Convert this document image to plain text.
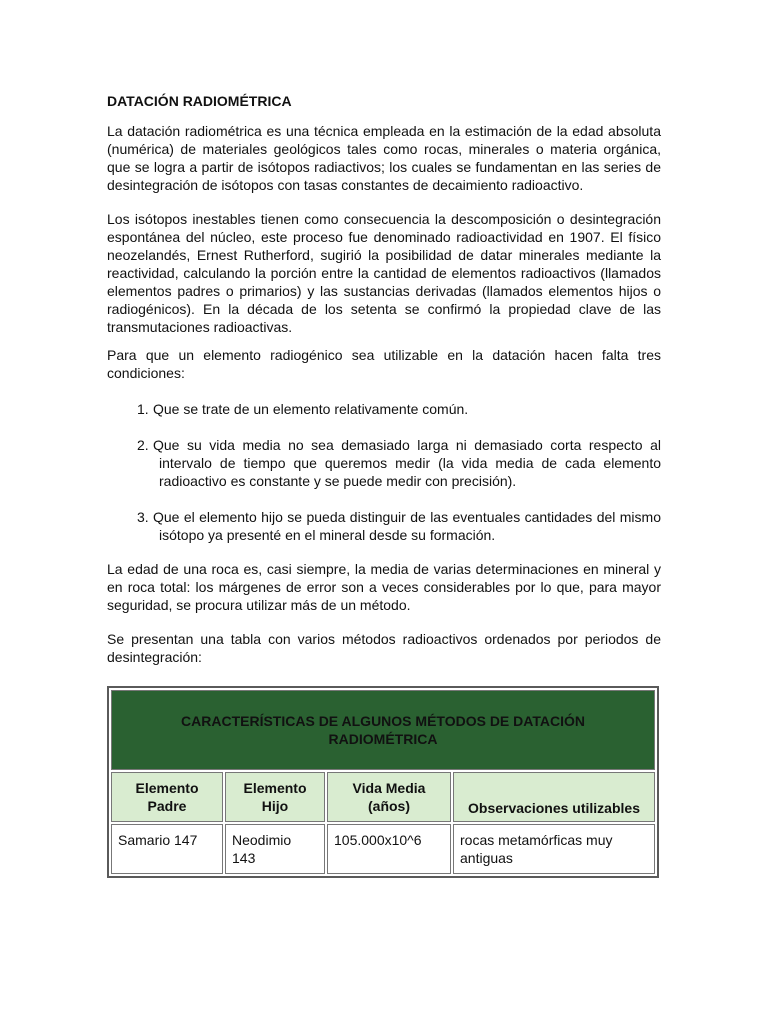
DATACIÓN RADIOMÉTRICA

La datación radiométrica es una técnica empleada en la estimación de la edad absoluta (numérica) de materiales geológicos tales como rocas, minerales o materia orgánica, que se logra a partir de isótopos radiactivos; los cuales se fundamentan en las series de desintegración de isótopos con tasas constantes de decaimiento radioactivo.

Los isótopos inestables tienen como consecuencia la descomposición o desintegración espontánea del núcleo, este proceso fue denominado radioactividad en 1907. El físico neozelandés, Ernest Rutherford, sugirió la posibilidad de datar minerales mediante la reactividad, calculando la porción entre la cantidad de elementos radioactivos (llamados elementos padres o primarios) y las sustancias derivadas (llamados elementos hijos o radiogénicos). En la década de los setenta se confirmó la propiedad clave de las transmutaciones radioactivas.

Para que un elemento radiogénico sea utilizable en la datación hacen falta tres condiciones:

1. Que se trate de un elemento relativamente común.
2. Que su vida media no sea demasiado larga ni demasiado corta respecto al intervalo de tiempo que queremos medir (la vida media de cada elemento radioactivo es constante y se puede medir con precisión).
3. Que el elemento hijo se pueda distinguir de las eventuales cantidades del mismo isótopo ya presenté en el mineral desde su formación.

La edad de una roca es, casi siempre, la media de varias determinaciones en mineral y en roca total: los márgenes de error son a veces considerables por lo que, para mayor seguridad, se procura utilizar más de un método.

Se presentan una tabla con varios métodos radioactivos ordenados por periodos de desintegración:

CARACTERÍSTICAS DE ALGUNOS MÉTODOS DE DATACIÓN RADIOMÉTRICA			
Elemento Padre	Elemento Hijo	Vida Media (años)	Observaciones utilizables
Samario 147	Neodimio 143	105.000x10^6	rocas metamórficas muy antiguas
